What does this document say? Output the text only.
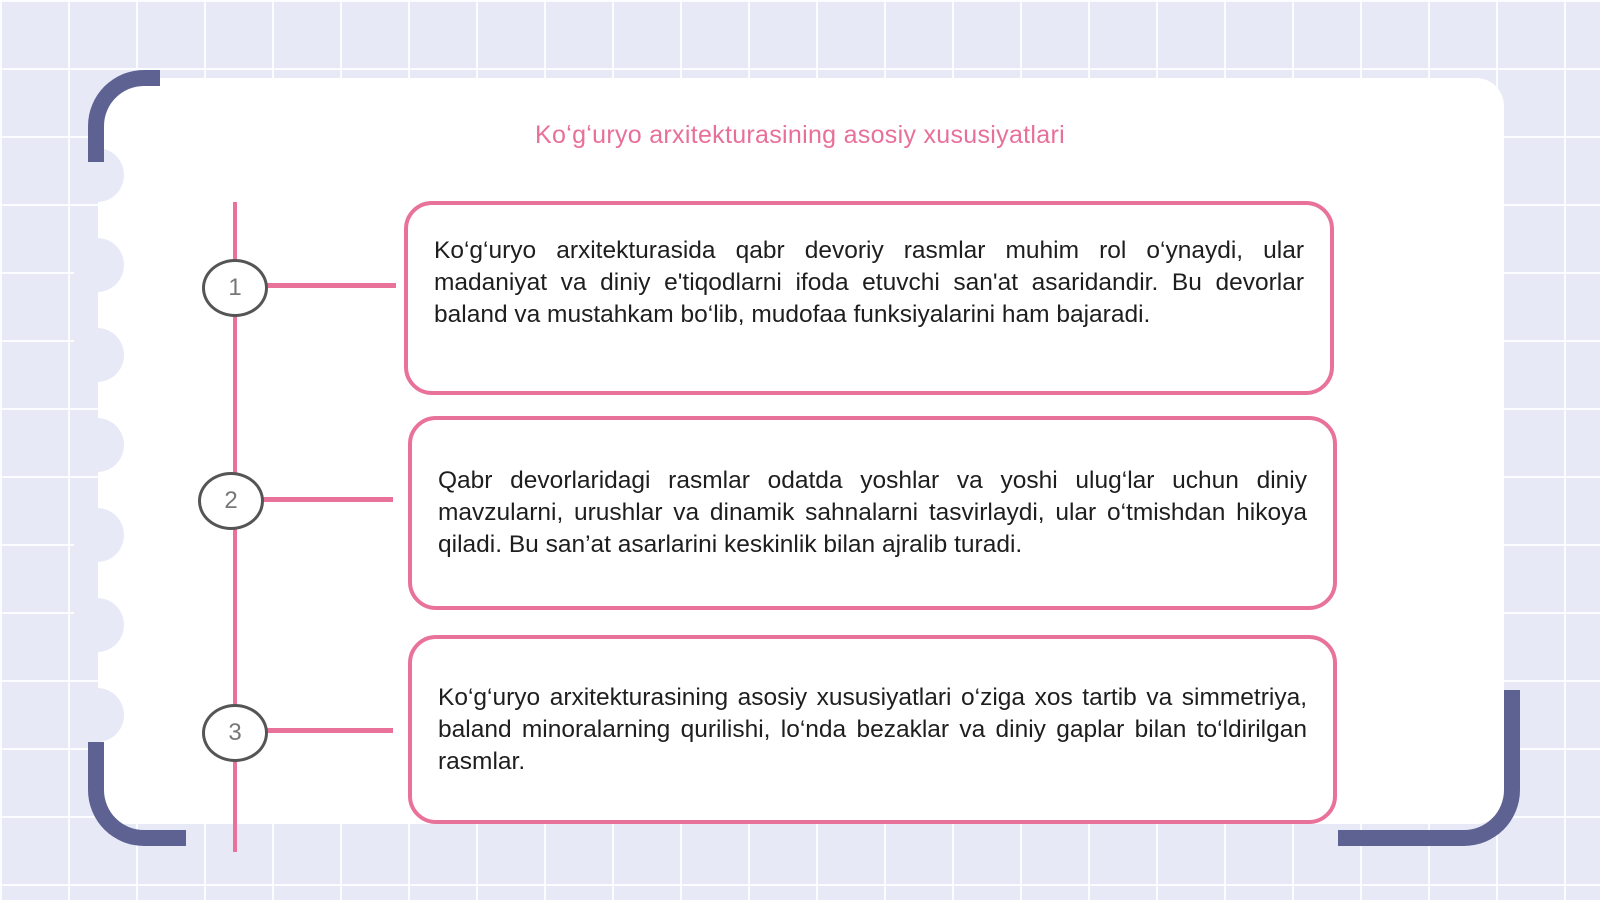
Koʻgʻuryo arxitekturasining asosiy xususiyatlari
1

Ko‘g‘uryo arxitekturasida qabr devoriy rasmlar muhim rol o‘ynaydi, ular madaniyat va diniy e'tiqodlarni ifoda etuvchi san'at asaridandir. Bu devorlar baland va mustahkam bo‘lib, mudofaa funksiyalarini ham bajaradi.

2

Qabr devorlaridagi rasmlar odatda yoshlar va yoshi ulug‘lar uchun diniy mavzularni, urushlar va dinamik sahnalarni tasvirlaydi, ular o‘tmishdan hikoya qiladi. Bu san’at asarlarini keskinlik bilan ajralib turadi.

3

Ko‘g‘uryo arxitekturasining asosiy xususiyatlari o‘ziga xos tartib va simmetriya, baland minoralarning qurilishi, lo‘nda bezaklar va diniy gaplar bilan to‘ldirilgan rasmlar.
